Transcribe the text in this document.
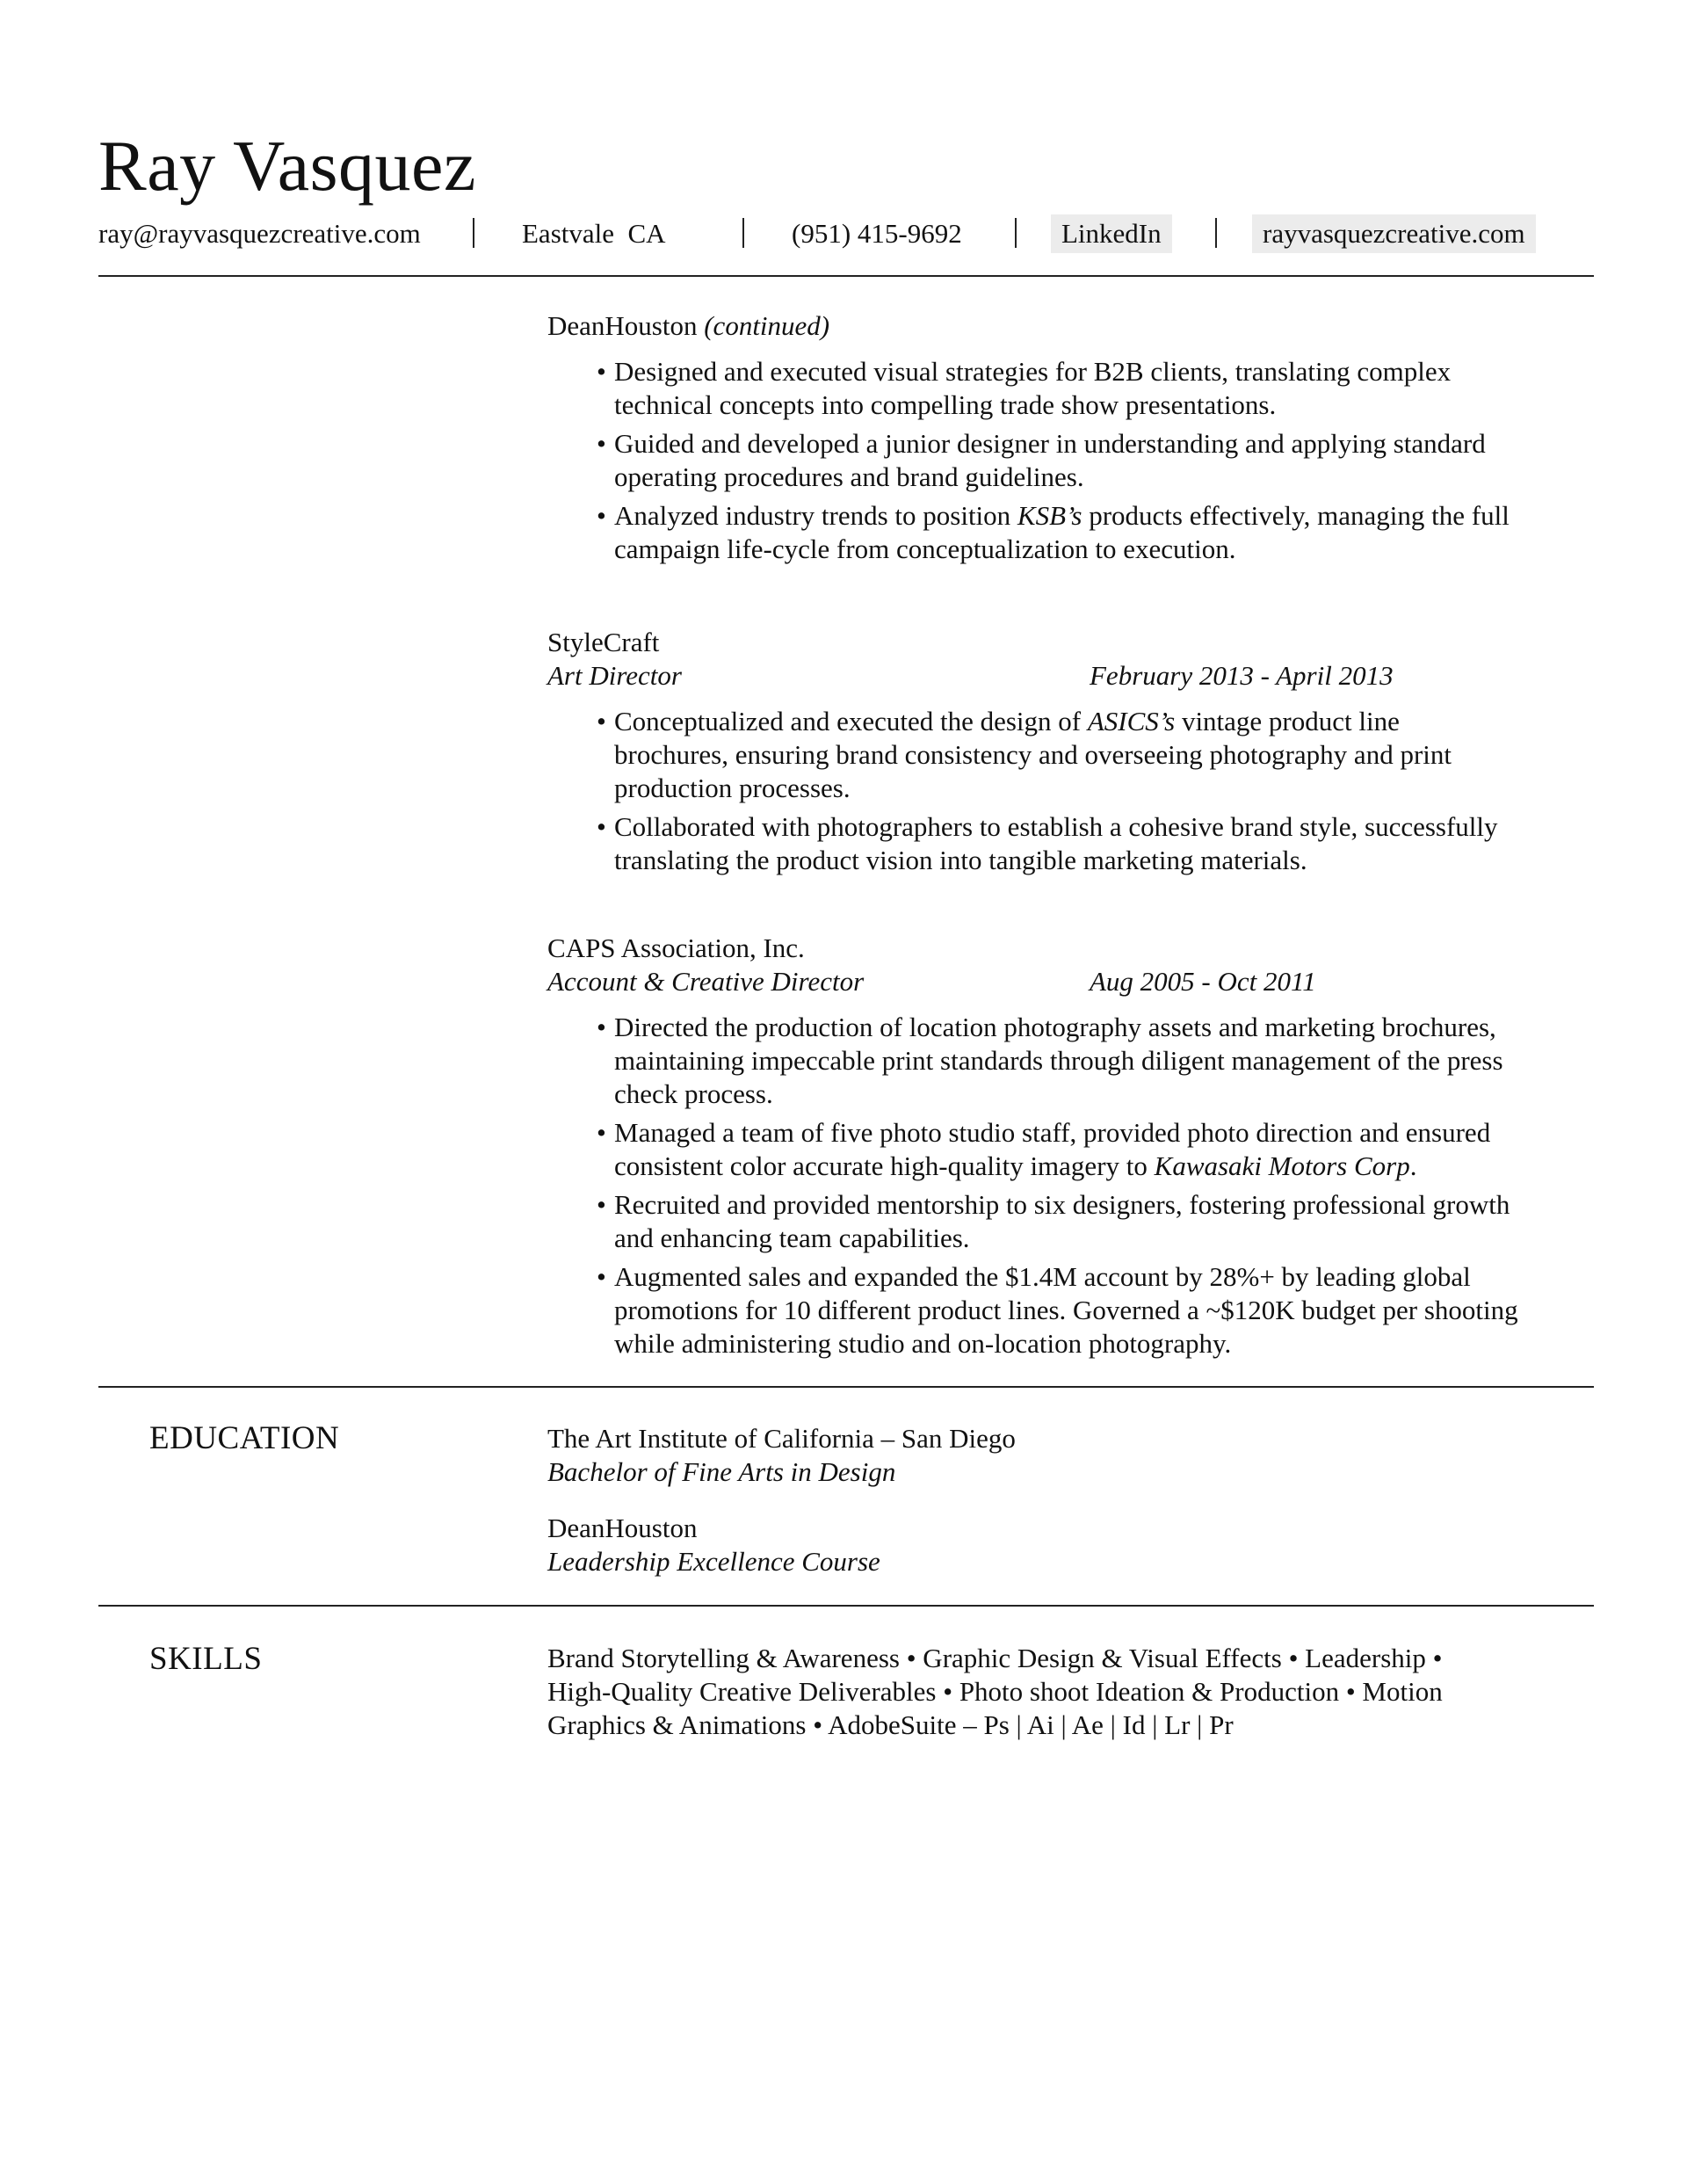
Ray Vasquez
ray@rayvasquezcreative.com	Eastvale  CA	(951) 415-9692	LinkedIn	rayvasquezcreative.com
DeanHouston (continued)
• Designed and executed visual strategies for B2B clients, translating complex technical concepts into compelling trade show presentations.
• Guided and developed a junior designer in understanding and applying standard operating procedures and brand guidelines.
• Analyzed industry trends to position KSB’s products effectively, managing the full campaign life-cycle from conceptualization to execution.
StyleCraft
Art Director	February 2013 - April 2013
• Conceptualized and executed the design of ASICS’s vintage product line brochures, ensuring brand consistency and overseeing photography and print production processes.
• Collaborated with photographers to establish a cohesive brand style, successfully translating the product vision into tangible marketing materials.
CAPS Association, Inc.
Account & Creative Director	Aug 2005 - Oct 2011
• Directed the production of location photography assets and marketing brochures, maintaining impeccable print standards through diligent management of the press check process.
• Managed a team of five photo studio staff, provided photo direction and ensured consistent color accurate high-quality imagery to Kawasaki Motors Corp.
• Recruited and provided mentorship to six designers, fostering professional growth and enhancing team capabilities.
• Augmented sales and expanded the $1.4M account by 28%+ by leading global promotions for 10 different product lines. Governed a ~$120K budget per shooting while administering studio and on-location photography.
EDUCATION	The Art Institute of California – San Diego
Bachelor of Fine Arts in Design
DeanHouston
Leadership Excellence Course
SKILLS	Brand Storytelling & Awareness • Graphic Design & Visual Effects • Leadership • High-Quality Creative Deliverables • Photo shoot Ideation & Production • Motion Graphics & Animations • AdobeSuite – Ps | Ai | Ae | Id | Lr | Pr
